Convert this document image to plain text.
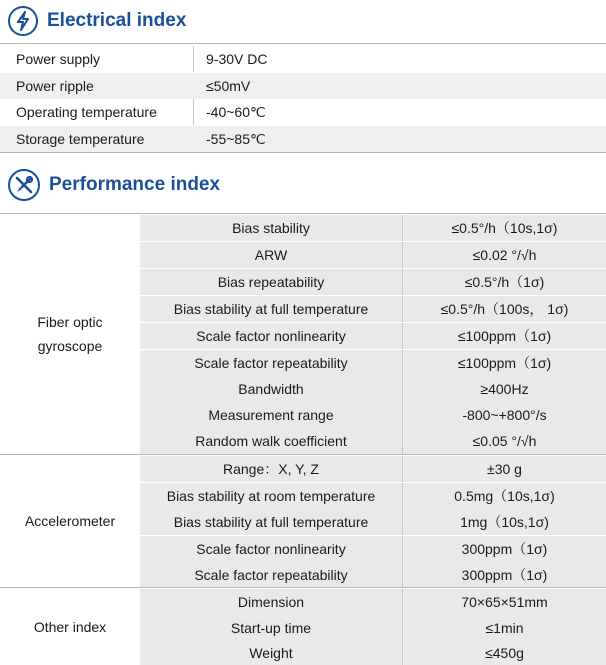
Electrical index
Power supply	9-30V DC
Power ripple	≤50mV
Operating temperature	-40~60℃
Storage temperature	-55~85℃
Performance index
Fiber optic
gyroscope
Bias stability	≤0.5°/h（10s,1σ)
ARW	≤0.02 °/√h
Bias repeatability	≤0.5°/h（1σ)
Bias stability at full temperature	≤0.5°/h（100s， 1σ)
Scale factor nonlinearity	≤100ppm（1σ)
Scale factor repeatability	≤100ppm（1σ)
Bandwidth	≥400Hz
Measurement range	-800~+800°/s
Random walk coefficient	≤0.05 °/√h
Accelerometer
Range：X, Y, Z	±30 g
Bias stability at room temperature	0.5mg（10s,1σ)
Bias stability at full temperature	1mg（10s,1σ)
Scale factor nonlinearity	300ppm（1σ)
Scale factor repeatability	300ppm（1σ)
Other index
Dimension	70×65×51mm
Start-up time	≤1min
Weight	≤450g
